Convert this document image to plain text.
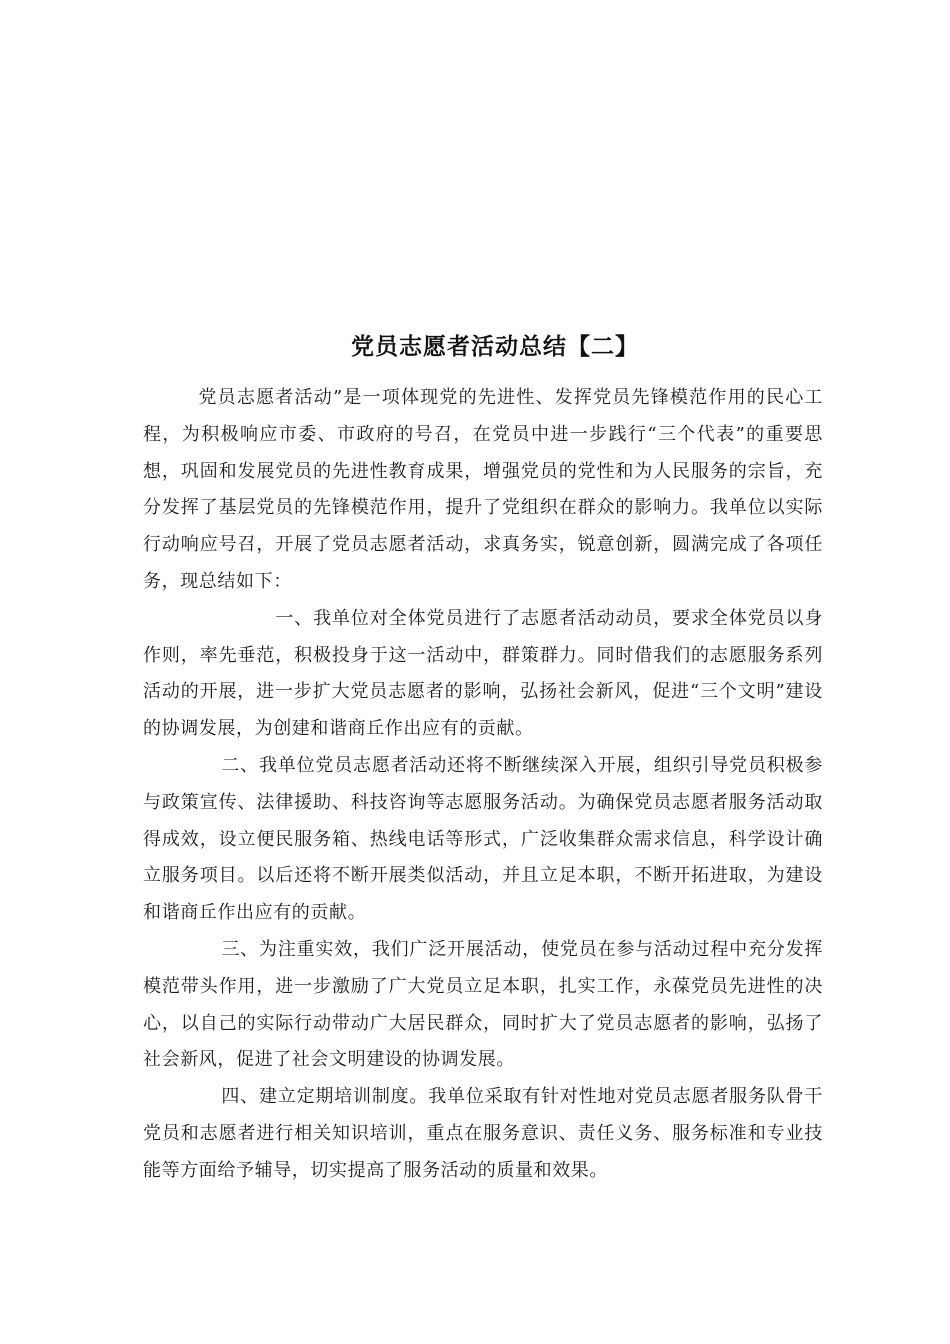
党员志愿者活动总结【二】

党员志愿者活动”是一项体现党的先进性、发挥党员先锋模范作用的民心工程，为积极响应市委、市政府的号召，在党员中进一步践行“三个代表”的重要思想，巩固和发展党员的先进性教育成果，增强党员的党性和为人民服务的宗旨，充分发挥了基层党员的先锋模范作用，提升了党组织在群众的影响力。我单位以实际行动响应号召，开展了党员志愿者活动，求真务实，锐意创新，圆满完成了各项任务，现总结如下：

一、我单位对全体党员进行了志愿者活动动员，要求全体党员以身作则，率先垂范，积极投身于这一活动中，群策群力。同时借我们的志愿服务系列活动的开展，进一步扩大党员志愿者的影响，弘扬社会新风，促进“三个文明”建设的协调发展，为创建和谐商丘作出应有的贡献。

二、我单位党员志愿者活动还将不断继续深入开展，组织引导党员积极参与政策宣传、法律援助、科技咨询等志愿服务活动。为确保党员志愿者服务活动取得成效，设立便民服务箱、热线电话等形式，广泛收集群众需求信息，科学设计确立服务项目。以后还将不断开展类似活动，并且立足本职，不断开拓进取，为建设和谐商丘作出应有的贡献。

三、为注重实效，我们广泛开展活动，使党员在参与活动过程中充分发挥模范带头作用，进一步激励了广大党员立足本职，扎实工作，永葆党员先进性的决心，以自己的实际行动带动广大居民群众，同时扩大了党员志愿者的影响，弘扬了社会新风，促进了社会文明建设的协调发展。

四、建立定期培训制度。我单位采取有针对性地对党员志愿者服务队骨干党员和志愿者进行相关知识培训，重点在服务意识、责任义务、服务标准和专业技能等方面给予辅导，切实提高了服务活动的质量和效果。
